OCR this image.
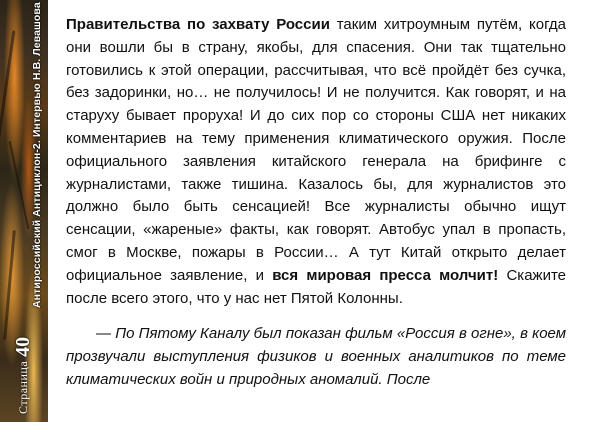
Антироссийский Антициклон-2. Интервью Н.В. Левашова
Страница 40

Правительства по захвату России таким хитроумным путём, когда они вошли бы в страну, якобы, для спасения. Они так тщательно готовились к этой операции, рассчитывая, что всё пройдёт без сучка, без задоринки, но… не получилось! И не получится. Как говорят, и на старуху бывает проруха! И до сих пор со стороны США нет никаких комментариев на тему применения климатического оружия. После официального заявления китайского генерала на брифинге с журналистами, также тишина. Казалось бы, для журналистов это должно было быть сенсацией! Все журналисты обычно ищут сенсации, «жареные» факты, как говорят. Автобус упал в пропасть, смог в Москве, пожары в России… А тут Китай открыто делает официальное заявление, и вся мировая пресса молчит! Скажите после всего этого, что у нас нет Пятой Колонны.

— По Пятому Каналу был показан фильм «Россия в огне», в коем прозвучали выступления физиков и военных аналитиков по теме климатических войн и природных аномалий. После
